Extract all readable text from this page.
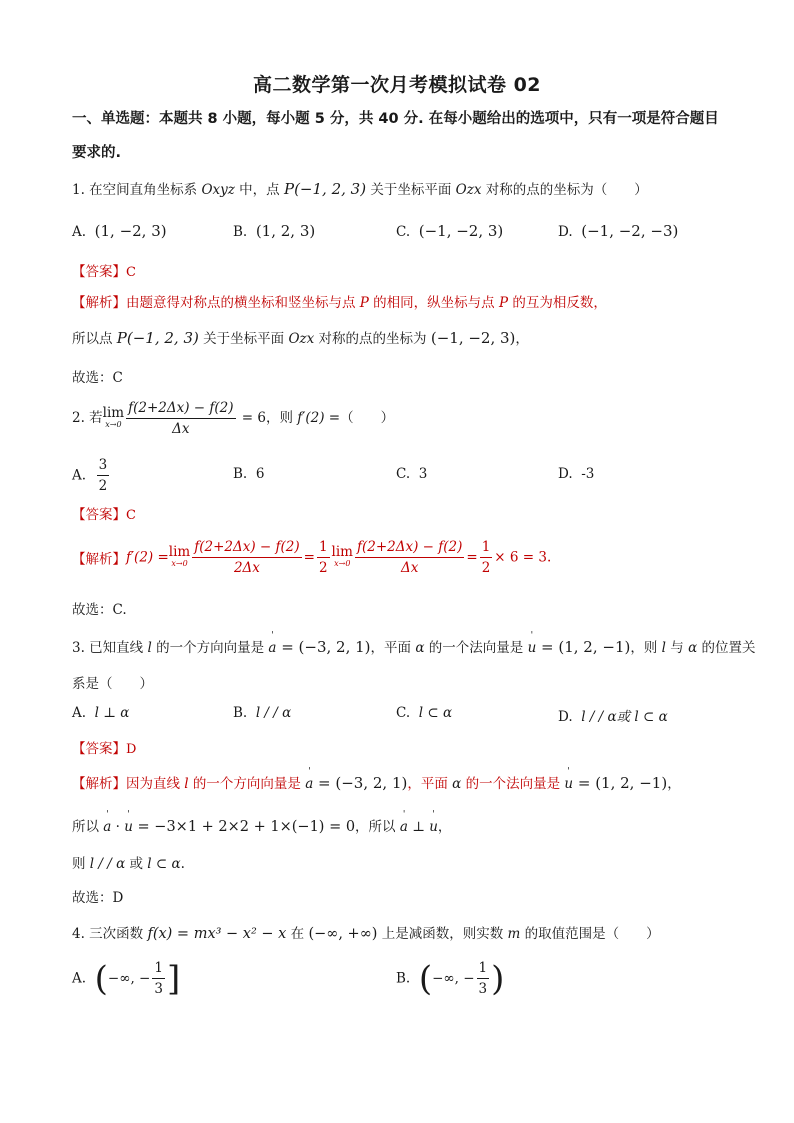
高二数学第一次月考模拟试卷 02
一、单选题：本题共 8 小题，每小题 5 分，共 40 分. 在每小题给出的选项中，只有一项是符合题目要求的.
1. 在空间直角坐标系 Oxyz 中，点 P(−1, 2, 3) 关于坐标平面 Ozx 对称的点的坐标为（　　）
A. (1, −2, 3)	B. (1, 2, 3)	C. (−1, −2, 3)	D. (−1, −2, −3)
【答案】C
【解析】由题意得对称点的横坐标和竖坐标与点 P 的相同，纵坐标与点 P 的互为相反数，
所以点 P(−1, 2, 3) 关于坐标平面 Ozx 对称的点的坐标为 (−1, −2, 3)，
故选：C
2. 若lim
$x\to 0 \frac{f(2+2\Delta x) - f(2)}{\Delta x} = 6$，则 f′(2) =（　　）
A. $\frac{3}{2}$	B. 6	C. 3	D. -3
【答案】C
【解析】f′(2) =lim
$x\to 0 \frac{f(2+2\Delta x) - f(2)}{2\Delta x} = \frac{1}{2}$ lim
$x\to 0 \frac{f(2+2\Delta x) - f(2)}{\Delta x} = \frac{1}{2} \times 6 = 3$.
故选：C.
3. 已知直线 l 的一个方向向量是 ' a = (−3, 2, 1)，平面 α 的一个法向量是 ' u = (1, 2, −1)，则 l 与 α 的位置关
系是（　　）
A. l ⊥ α	B. l / / α	C. l ⊂ α	D. l / / α或 l ⊂ α
【答案】D
【解析】因为直线 l 的一个方向向量是 ' a = (−3, 2, 1)，平面 α 的一个法向量是 ' u = (1, 2, −1)，
所以 ' a · ' u = −3×1 + 2×2 + 1×(−1) = 0，所以 ' a ⊥ ' u，
则 l / / α 或 l ⊂ α.
故选：D
4. 三次函数 f(x) = mx³ − x² − x 在 (−∞, +∞) 上是减函数，则实数 m 的取值范围是（　　）
A. (−∞, − $\frac{1}{3}$ ]	B. (−∞, − $\frac{1}{3}$ )
